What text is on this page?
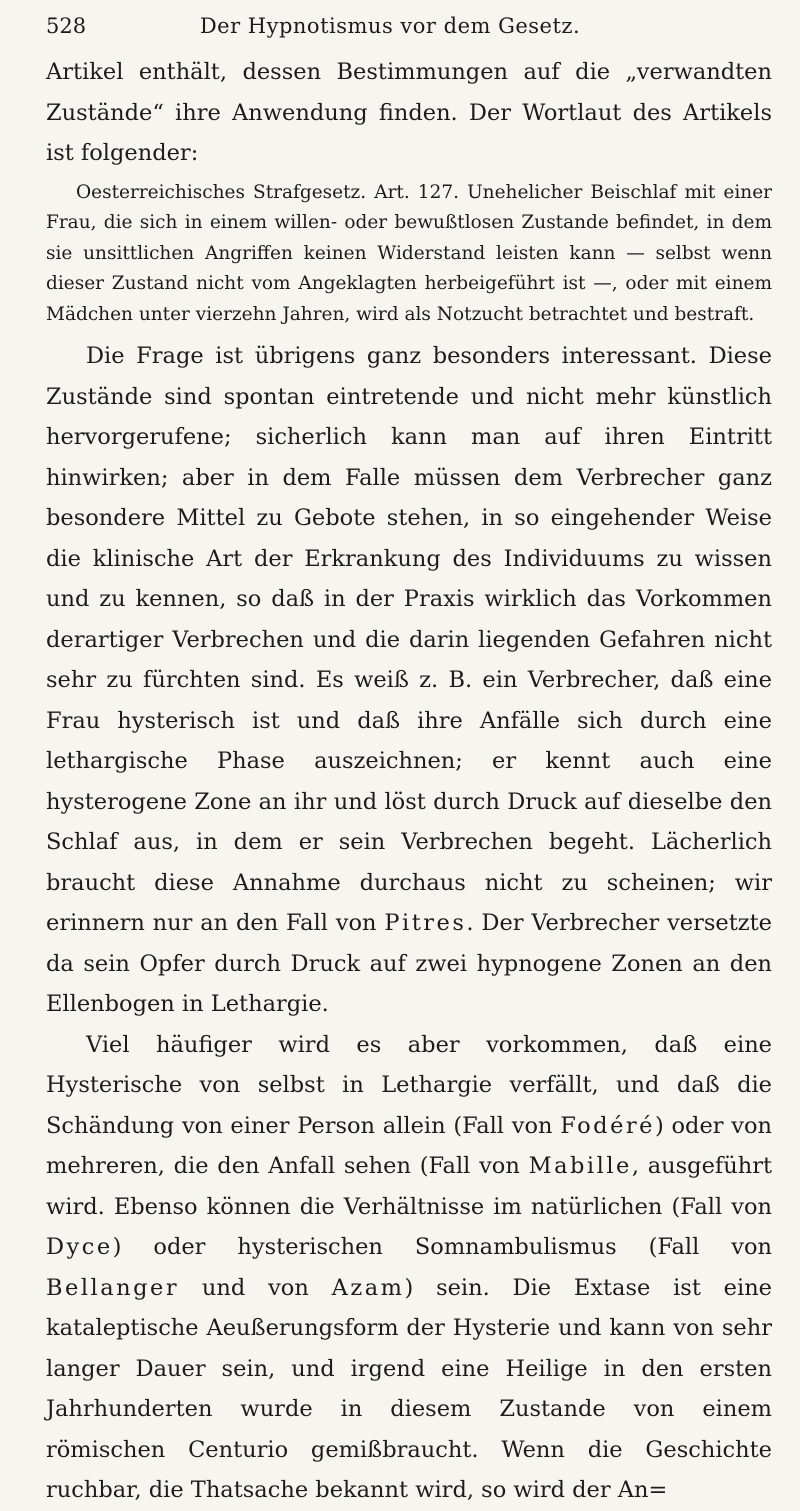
528	Der Hypnotismus vor dem Gesetz.

Artikel enthält, dessen Bestimmungen auf die „verwandten Zustände“ ihre Anwendung finden. Der Wortlaut des Artikels ist folgender:

Oesterreichisches Strafgesetz. Art. 127. Unehelicher Beischlaf mit einer Frau, die sich in einem willen- oder bewußtlosen Zustande befindet, in dem sie unsittlichen Angriffen keinen Widerstand leisten kann — selbst wenn dieser Zustand nicht vom Angeklagten herbeigeführt ist —, oder mit einem Mädchen unter vierzehn Jahren, wird als Notzucht betrachtet und bestraft.

Die Frage ist übrigens ganz besonders interessant. Diese Zustände sind spontan eintretende und nicht mehr künstlich hervorgerufene; sicherlich kann man auf ihren Eintritt hinwirken; aber in dem Falle müssen dem Verbrecher ganz besondere Mittel zu Gebote stehen, in so eingehender Weise die klinische Art der Erkrankung des Individuums zu wissen und zu kennen, so daß in der Praxis wirklich das Vorkommen derartiger Verbrechen und die darin liegenden Gefahren nicht sehr zu fürchten sind. Es weiß z. B. ein Verbrecher, daß eine Frau hysterisch ist und daß ihre Anfälle sich durch eine lethargische Phase auszeichnen; er kennt auch eine hysterogene Zone an ihr und löst durch Druck auf dieselbe den Schlaf aus, in dem er sein Verbrechen begeht. Lächerlich braucht diese Annahme durchaus nicht zu scheinen; wir erinnern nur an den Fall von Pitres. Der Verbrecher versetzte da sein Opfer durch Druck auf zwei hypnogene Zonen an den Ellenbogen in Lethargie.

Viel häufiger wird es aber vorkommen, daß eine Hysterische von selbst in Lethargie verfällt, und daß die Schändung von einer Person allein (Fall von Fodéré) oder von mehreren, die den Anfall sehen (Fall von Mabille, ausgeführt wird. Ebenso können die Verhältnisse im natürlichen (Fall von Dyce) oder hysterischen Somnambulismus (Fall von Bellanger und von Azam) sein. Die Extase ist eine kataleptische Aeußerungsform der Hysterie und kann von sehr langer Dauer sein, und irgend eine Heilige in den ersten Jahrhunderten wurde in diesem Zustande von einem römischen Centurio gemißbraucht. Wenn die Geschichte ruchbar, die Thatsache bekannt wird, so wird der An=
